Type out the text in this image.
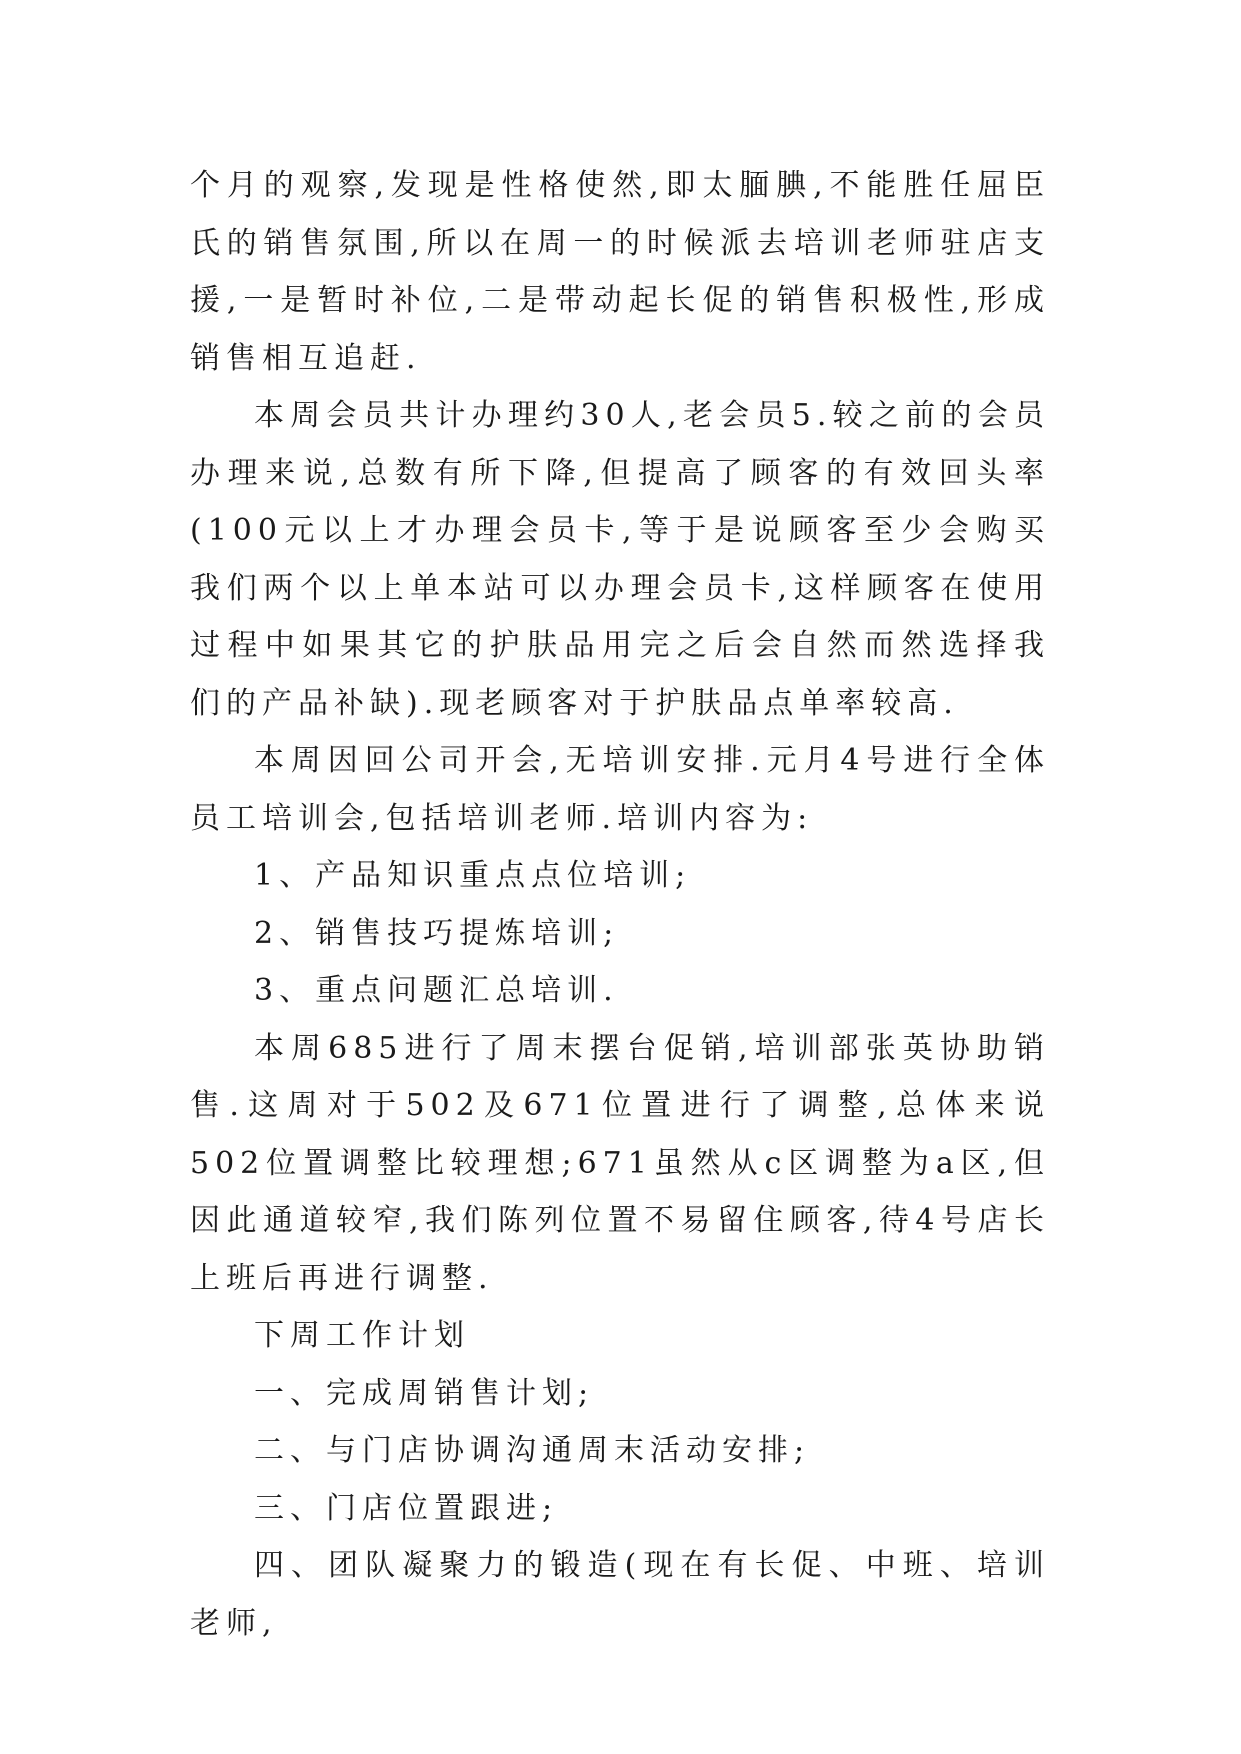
个月的观察,发现是性格使然,即太腼腆,不能胜任屈臣氏的销售氛围,所以在周一的时候派去培训老师驻店支援,一是暂时补位,二是带动起长促的销售积极性,形成销售相互追赶.

本周会员共计办理约30人,老会员5.较之前的会员办理来说,总数有所下降,但提高了顾客的有效回头率(100元以上才办理会员卡,等于是说顾客至少会购买我们两个以上单本站可以办理会员卡,这样顾客在使用过程中如果其它的护肤品用完之后会自然而然选择我们的产品补缺).现老顾客对于护肤品点单率较高.

本周因回公司开会,无培训安排.元月4号进行全体员工培训会,包括培训老师.培训内容为:

1、产品知识重点点位培训;

2、销售技巧提炼培训;

3、重点问题汇总培训.

本周685进行了周末摆台促销,培训部张英协助销售.这周对于502及671位置进行了调整,总体来说502位置调整比较理想;671虽然从c区调整为a区,但因此通道较窄,我们陈列位置不易留住顾客,待4号店长上班后再进行调整.

下周工作计划

一、完成周销售计划;

二、与门店协调沟通周末活动安排;

三、门店位置跟进;

四、团队凝聚力的锻造(现在有长促、中班、培训老师,
